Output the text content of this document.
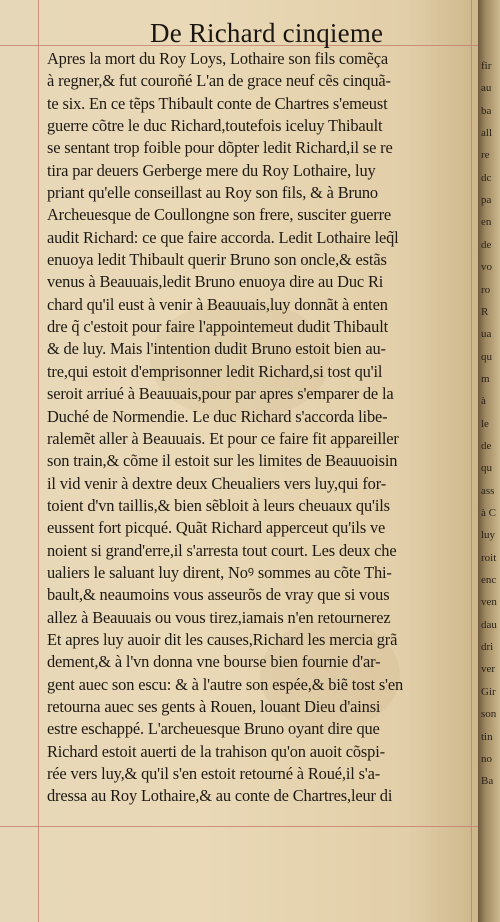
De Richard cinqieme
Apres la mort du Roy Loys, Lothaire son fils comẽça
à regner,& fut couroñé L'an de grace neuf cẽs cinquã-
te six. En ce tẽps Thibault conte de Chartres s'emeust
guerre cõtre le duc Richard,toutefois iceluy Thibault
se sentant trop foible pour dõpter ledit Richard,il se re
tira par deuers Gerberge mere du Roy Lothaire, luy
priant qu'elle conseillast au Roy son fils, & à Bruno
Archeuesque de Coullongne son frere, susciter guerre
audit Richard: ce que faire accorda. Ledit Lothaire leq̃l
enuoya ledit Thibault querir Bruno son oncle,& estãs
venus à Beauuais,ledit Bruno enuoya dire au Duc Ri
chard qu'il eust à venir à Beauuais,luy donnãt à enten
dre q̃ c'estoit pour faire l'appointemeut dudit Thibault
& de luy. Mais l'intention dudit Bruno estoit bien au-
tre,qui estoit d'emprisonner ledit Richard,si tost qu'il
seroit arriué à Beauuais,pour par apres s'emparer de la
Duché de Normendie. Le duc Richard s'accorda libe-
ralemẽt aller à Beauuais. Et pour ce faire fit appareiller
son train,& cõme il estoit sur les limites de Beauuoisin
il vid venir à dextre deux Cheualiers vers luy,qui for-
toient d'vn taillis,& bien sẽbloit à leurs cheuaux qu'ils
eussent fort picqué. Quãt Richard apperceut qu'ils ve
noient si grand'erre,il s'arresta tout court. Les deux che
ualiers le saluant luy dirent, Noꝰ sommes au cõte Thi-
bault,& neaumoins vous asseurõs de vray que si vous
allez à Beauuais ou vous tirez,iamais n'en retournerez
Et apres luy auoir dit les causes,Richard les mercia grã
dement,& à l'vn donna vne bourse bien fournie d'ar-
gent auec son escu: & à l'autre son espée,& biẽ tost s'en
retourna auec ses gents à Rouen, louant Dieu d'ainsi
estre eschappé. L'archeuesque Bruno oyant dire que
Richard estoit auerti de la trahison qu'on auoit cõspi-
rée vers luy,& qu'il s'en estoit retourné à Roué,il s'a-
dressa au Roy Lothaire,& au conte de Chartres,leur di
fir
au
ba
all
re
dc
pa
en
de
vo
ro
R
ua
qu
m
à
le
de
qu
ass
à C
luy
roit
enc
ven
dau
dri
ver
Gir
son
tin
no
Ba
